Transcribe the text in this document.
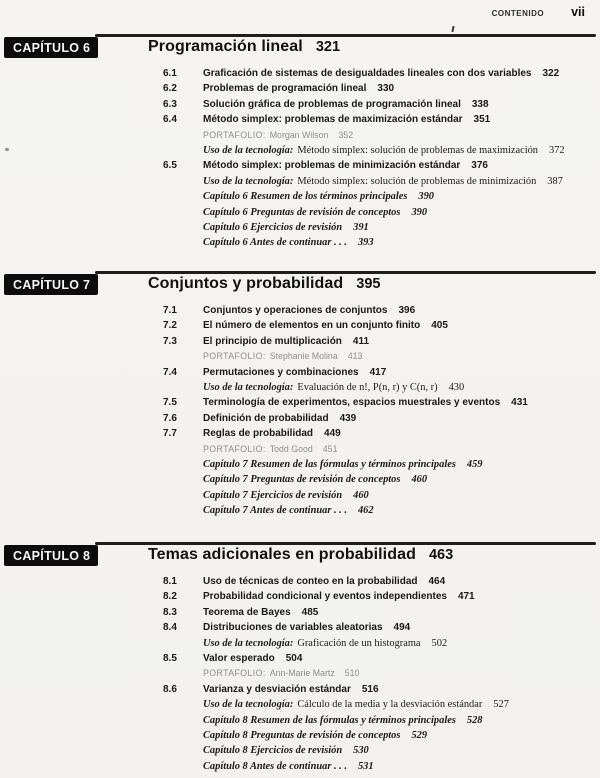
CONTENIDO vii
CAPÍTULO 6	Programación lineal 321
6.1	Graficación de sistemas de desigualdades lineales con dos variables 322
6.2	Problemas de programación lineal 330
6.3	Solución gráfica de problemas de programación lineal 338
6.4	Método simplex: problemas de maximización estándar 351
PORTAFOLIO: Morgan Wilson 352
Uso de la tecnología: Método simplex: solución de problemas de maximización 372
6.5	Método simplex: problemas de minimización estándar 376
Uso de la tecnología: Método simplex: solución de problemas de minimización 387
Capítulo 6 Resumen de los términos principales 390
Capítulo 6 Preguntas de revisión de conceptos 390
Capítulo 6 Ejercicios de revisión 391
Capítulo 6 Antes de continuar . . . 393
CAPÍTULO 7	Conjuntos y probabilidad 395
7.1	Conjuntos y operaciones de conjuntos 396
7.2	El número de elementos en un conjunto finito 405
7.3	El principio de multiplicación 411
PORTAFOLIO: Stephanie Molina 413
7.4	Permutaciones y combinaciones 417
Uso de la tecnología: Evaluación de n!, P(n, r) y C(n, r) 430
7.5	Terminología de experimentos, espacios muestrales y eventos 431
7.6	Definición de probabilidad 439
7.7	Reglas de probabilidad 449
PORTAFOLIO: Todd Good 451
Capítulo 7 Resumen de las fórmulas y términos principales 459
Capítulo 7 Preguntas de revisión de conceptos 460
Capítulo 7 Ejercicios de revisión 460
Capítulo 7 Antes de continuar . . . 462
CAPÍTULO 8	Temas adicionales en probabilidad 463
8.1	Uso de técnicas de conteo en la probabilidad 464
8.2	Probabilidad condicional y eventos independientes 471
8.3	Teorema de Bayes 485
8.4	Distribuciones de variables aleatorias 494
Uso de la tecnología: Graficación de un histograma 502
8.5	Valor esperado 504
PORTAFOLIO: Ann-Marie Martz 510
8.6	Varianza y desviación estándar 516
Uso de la tecnología: Cálculo de la media y la desviación estándar 527
Capítulo 8 Resumen de las fórmulas y términos principales 528
Capítulo 8 Preguntas de revisión de conceptos 529
Capítulo 8 Ejercicios de revisión 530
Capítulo 8 Antes de continuar . . . 531
